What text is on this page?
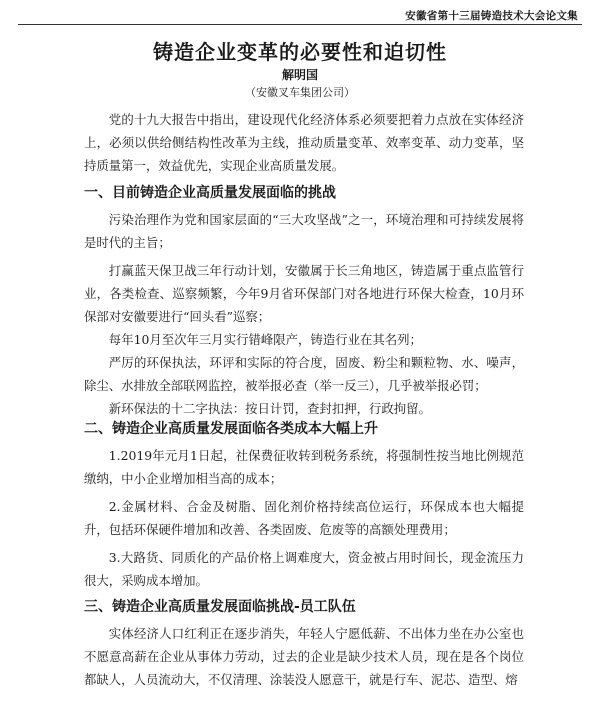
安徽省第十三届铸造技术大会论文集
铸造企业变革的必要性和迫切性
解明国
（安徽叉车集团公司）

党的十九大报告中指出，建设现代化经济体系必须要把着力点放在实体经济上，必须以供给侧结构性改革为主线，推动质量变革、效率变革、动力变革，坚持质量第一，效益优先，实现企业高质量发展。

一、目前铸造企业高质量发展面临的挑战

污染治理作为党和国家层面的“三大攻坚战”之一，环境治理和可持续发展将是时代的主旨；

打赢蓝天保卫战三年行动计划，安徽属于长三角地区，铸造属于重点监管行业，各类检查、巡察频繁，今年9月省环保部门对各地进行环保大检查，10月环保部对安徽要进行“回头看”巡察；

每年10月至次年三月实行错峰限产，铸造行业在其名列；

严厉的环保执法，环评和实际的符合度，固废、粉尘和颗粒物、水、噪声，除尘、水排放全部联网监控，被举报必查（举一反三），几乎被举报必罚；

新环保法的十二字执法：按日计罚，查封扣押，行政拘留。

二、铸造企业高质量发展面临各类成本大幅上升

1.2019年元月1日起，社保费征收转到税务系统，将强制性按当地比例规范缴纳，中小企业增加相当高的成本；

2.金属材料、合金及树脂、固化剂价格持续高位运行，环保成本也大幅提升，包括环保硬件增加和改善、各类固废、危废等的高额处理费用；

3.大路货、同质化的产品价格上调难度大，资金被占用时间长，现金流压力很大，采购成本增加。

三、铸造企业高质量发展面临挑战-员工队伍

实体经济人口红利正在逐步消失，年轻人宁愿低薪、不出体力坐在办公室也不愿意高薪在企业从事体力劳动，过去的企业是缺少技术人员，现在是各个岗位都缺人，人员流动大，不仅清理、涂装没人愿意干，就是行车、泥芯、造型、熔
